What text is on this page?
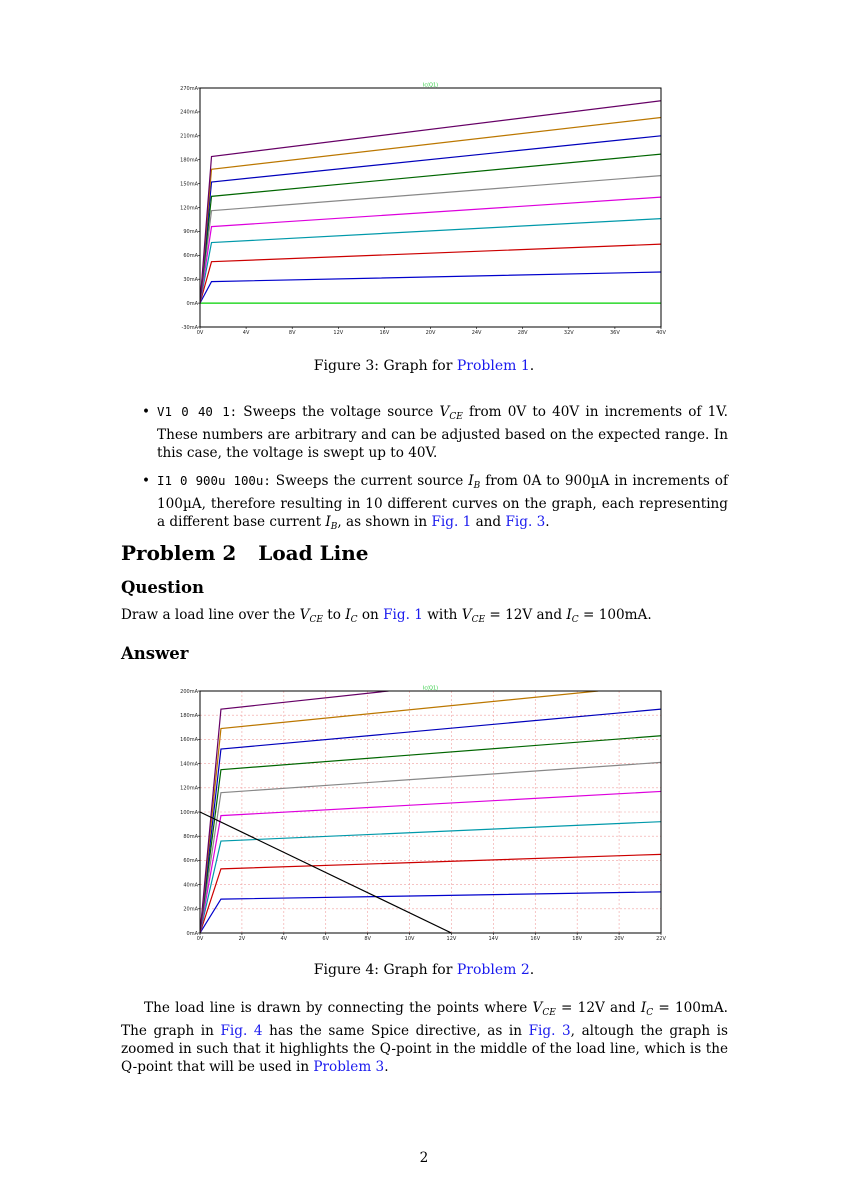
0V	4V	8V	12V	16V	20V	24V	28V	32V	36V	40V
-30mA
0mA
30mA
60mA
90mA
120mA
150mA
180mA
210mA
240mA
270mA
Ic(Q1)
Figure 3: Graph for Problem 1.
• V1 0 40 1: Sweeps the voltage source $V_{CE}$ from 0V to 40V in increments of 1V. These numbers are arbitrary and can be adjusted based on the expected range. In this case, the voltage is swept up to 40V.
• I1 0 900u 100u: Sweeps the current source $I_B$ from 0A to 900µA in increments of 100µA, therefore resulting in 10 different curves on the graph, each representing a different base current $I_B$, as shown in Fig. 1 and Fig. 3.
Problem 2 Load Line
Question
Draw a load line over the $V_{CE}$ to $I_C$ on Fig. 1 with $V_{CE} = 12V$ and $I_C = 100mA$.
Answer
0V	2V	4V	6V	8V	10V	12V	14V	16V	18V	20V	22V
0mA
20mA
40mA
60mA
80mA
100mA
120mA
140mA
160mA
180mA
200mA
Ic(Q1)
Figure 4: Graph for Problem 2.
The load line is drawn by connecting the points where $V_{CE} = 12V$ and $I_C = 100mA$. The graph in Fig. 4 has the same Spice directive, as in Fig. 3, altough the graph is zoomed in such that it highlights the Q-point in the middle of the load line, which is the Q-point that will be used in Problem 3.
2
